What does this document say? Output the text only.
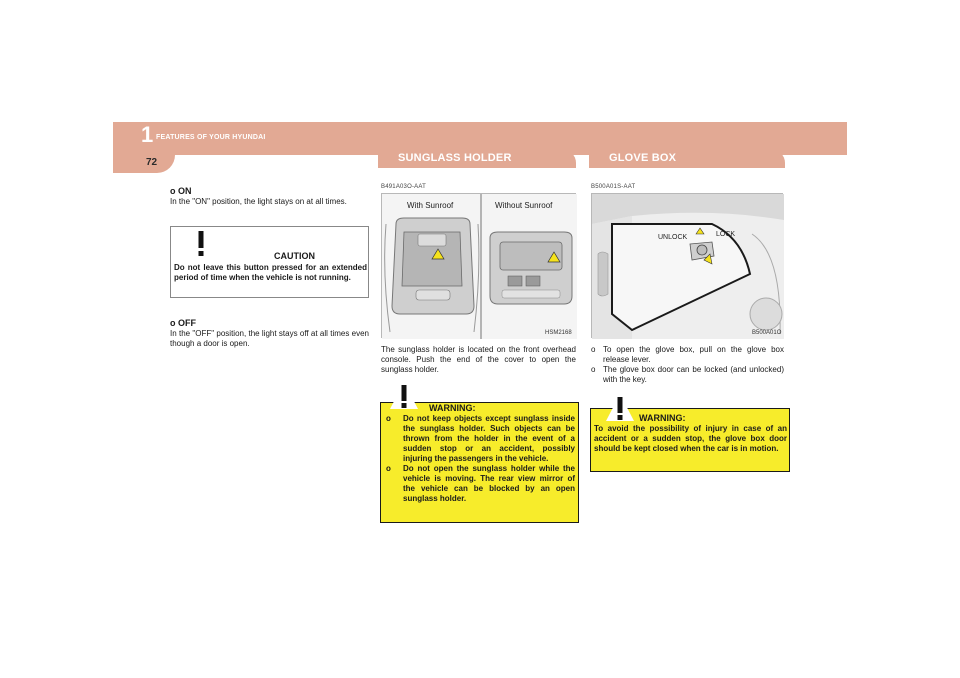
1 FEATURES OF YOUR HYUNDAI
72	SUNGLASS HOLDER	GLOVE BOX
o ON
In the "ON" position, the light stays on at all times.
CAUTION
Do not leave this button pressed for an extended period of time when the vehicle is not running.
o OFF
In the "OFF" position, the light stays off at all times even though a door is open.
B491A03O-AAT
With Sunroof	Without Sunroof
HSM2168
The sunglass holder is located on the front overhead console. Push the end of the cover to open the sunglass holder.
WARNING:
o Do not keep objects except sunglass inside the sunglass holder. Such objects can be thrown from the holder in the event of a sudden stop or an accident, possibly injuring the passengers in the vehicle.
o Do not open the sunglass holder while the vehicle is moving. The rear view mirror of the vehicle can be blocked by an open sunglass holder.
B500A01S-AAT
UNLOCK	LOCK
B500A01O
o To open the glove box, pull on the glove box release lever.
o The glove box door can be locked (and unlocked) with the key.
WARNING:
To avoid the possibility of injury in case of an accident or a sudden stop, the glove box door should be kept closed when the car is in motion.
